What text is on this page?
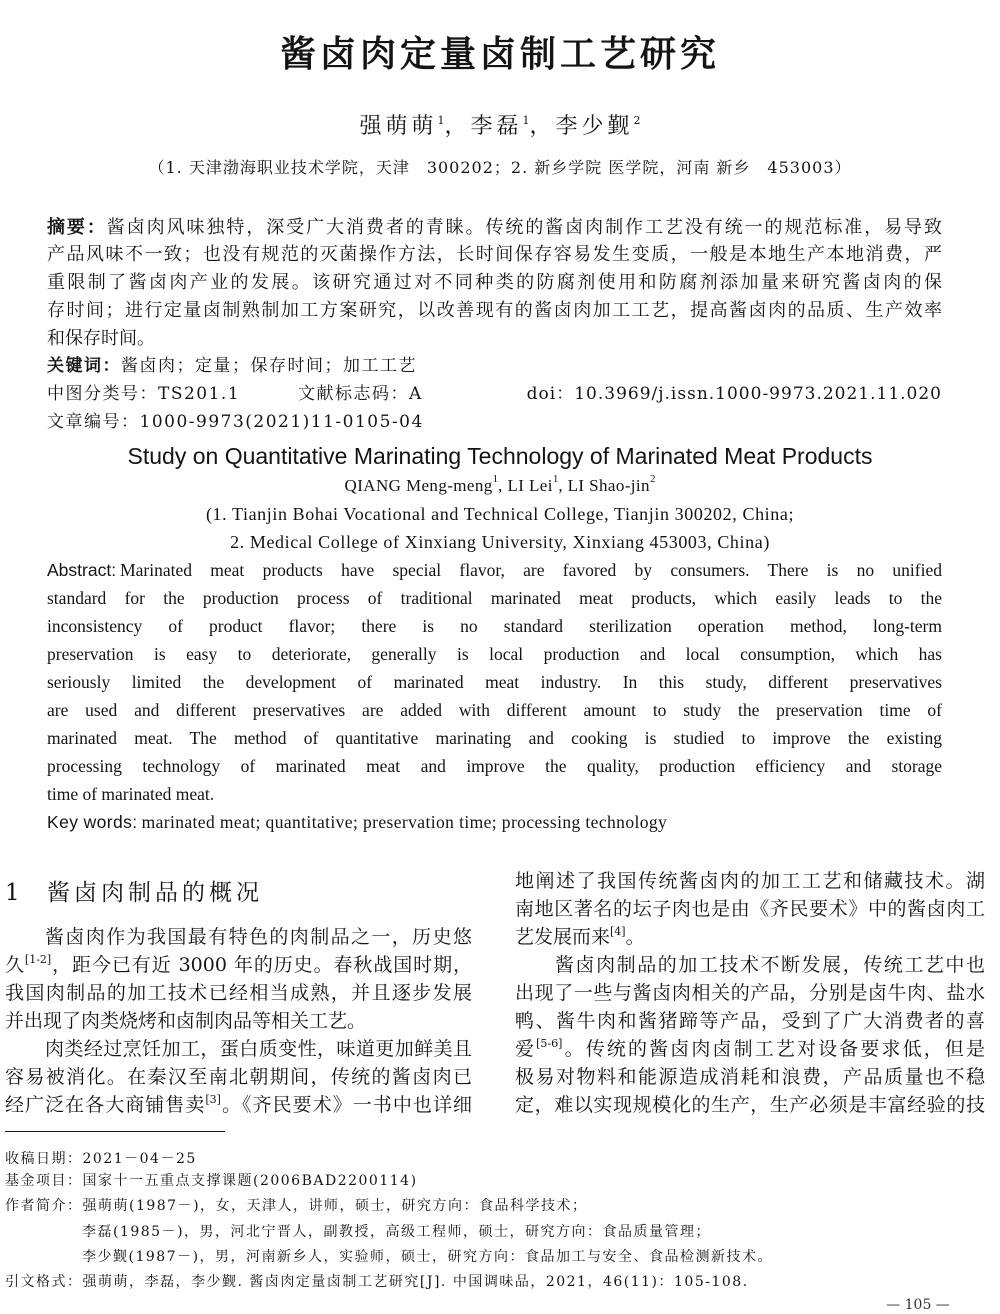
酱卤肉定量卤制工艺研究
强萌萌$^1$，李磊$^1$，李少觐$^2$
（1. 天津渤海职业技术学院，天津　300202；2. 新乡学院 医学院，河南 新乡　453003）
摘要：酱卤肉风味独特，深受广大消费者的青睐。传统的酱卤肉制作工艺没有统一的规范标准，易导致
产品风味不一致；也没有规范的灭菌操作方法，长时间保存容易发生变质，一般是本地生产本地消费，严
重限制了酱卤肉产业的发展。该研究通过对不同种类的防腐剂使用和防腐剂添加量来研究酱卤肉的保
存时间；进行定量卤制熟制加工方案研究，以改善现有的酱卤肉加工工艺，提高酱卤肉的品质、生产效率
和保存时间。
关键词：酱卤肉；定量；保存时间；加工工艺
中图分类号：TS201.1	文献标志码：A	doi：10.3969/j.issn.1000-9973.2021.11.020
文章编号：1000-9973(2021)11-0105-04
Study on Quantitative Marinating Technology of Marinated Meat Products
QIANG Meng-meng$^1$, LI Lei$^1$, LI Shao-jin$^2$
(1. Tianjin Bohai Vocational and Technical College, Tianjin 300202, China;
2. Medical College of Xinxiang University, Xinxiang 453003, China)
Abstract: Marinated meat products have special flavor, are favored by consumers. There is no unified
standard for the production process of traditional marinated meat products, which easily leads to the
inconsistency of product flavor; there is no standard sterilization operation method, long-term
preservation is easy to deteriorate, generally is local production and local consumption, which has
seriously limited the development of marinated meat industry. In this study, different preservatives
are used and different preservatives are added with different amount to study the preservation time of
marinated meat. The method of quantitative marinating and cooking is studied to improve the existing
processing technology of marinated meat and improve the quality, production efficiency and storage
time of marinated meat.
Key words: marinated meat; quantitative; preservation time; processing technology
1 酱卤肉制品的概况
酱卤肉作为我国最有特色的肉制品之一，历史悠
久[1-2]，距今已有近 3000 年的历史。春秋战国时期，
我国肉制品的加工技术已经相当成熟，并且逐步发展
并出现了肉类烧烤和卤制肉品等相关工艺。
肉类经过烹饪加工，蛋白质变性，味道更加鲜美且
容易被消化。在秦汉至南北朝期间，传统的酱卤肉已
经广泛在各大商铺售卖[3]。《齐民要术》一书中也详细
地阐述了我国传统酱卤肉的加工工艺和储藏技术。湖
南地区著名的坛子肉也是由《齐民要术》中的酱卤肉工
艺发展而来[4]。
酱卤肉制品的加工技术不断发展，传统工艺中也
出现了一些与酱卤肉相关的产品，分别是卤牛肉、盐水
鸭、酱牛肉和酱猪蹄等产品，受到了广大消费者的喜
爱[5-6]。传统的酱卤肉卤制工艺对设备要求低，但是
极易对物料和能源造成消耗和浪费，产品质量也不稳
定，难以实现规模化的生产，生产必须是丰富经验的技
收稿日期：2021－04－25
基金项目：国家十一五重点支撑课题(2006BAD2200114)
作者简介：强萌萌(1987－)，女，天津人，讲师，硕士，研究方向：食品科学技术；
李磊(1985－)，男，河北宁晋人，副教授，高级工程师，硕士，研究方向：食品质量管理；
李少觐(1987－)，男，河南新乡人，实验师，硕士，研究方向：食品加工与安全、食品检测新技术。
引文格式：强萌萌，李磊，李少觐. 酱卤肉定量卤制工艺研究[J]. 中国调味品，2021，46(11)：105-108.
— 105 —
